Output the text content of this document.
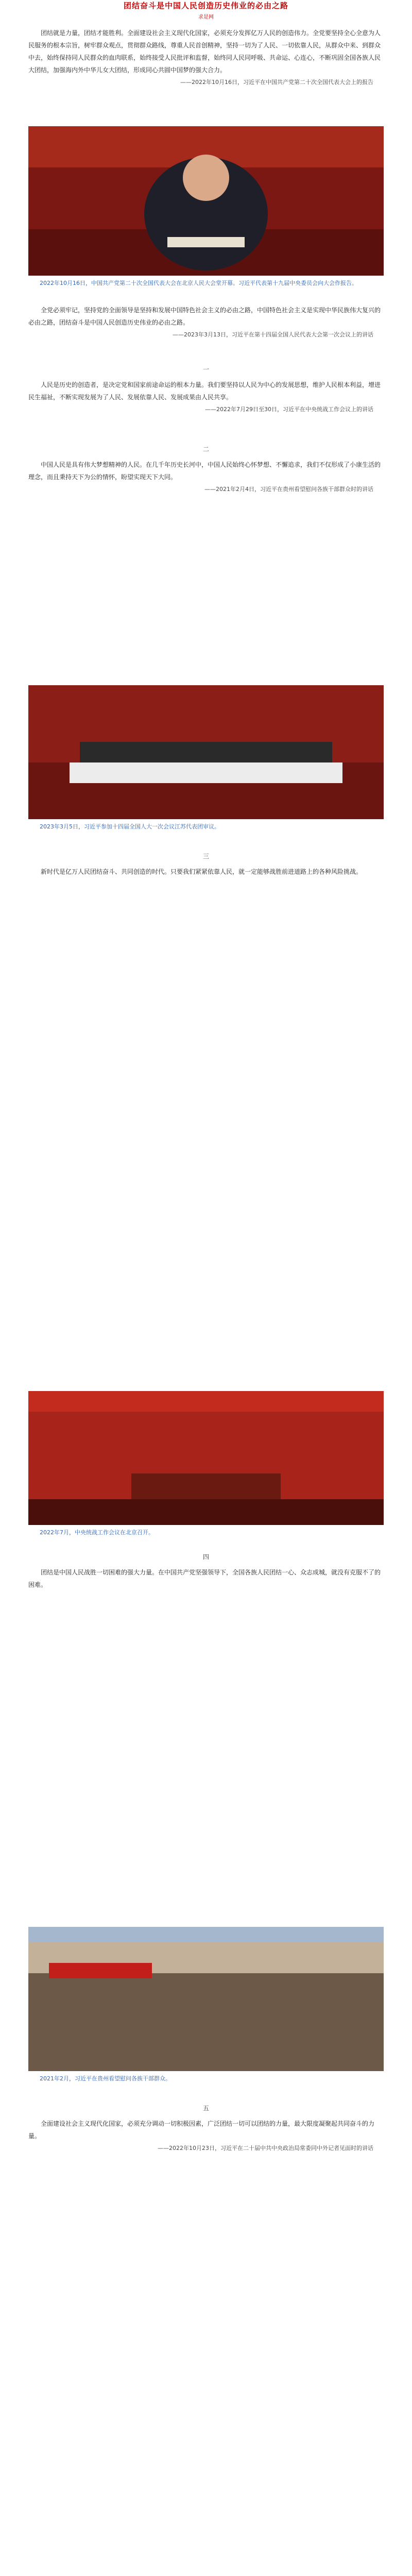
团结奋斗是中国人民创造历史伟业的必由之路
求是网

团结就是力量，团结才能胜利。全面建设社会主义现代化国家，必须充分发挥亿万人民的创造伟力。全党要坚持全心全意为人民服务的根本宗旨，树牢群众观点，贯彻群众路线，尊重人民首创精神，坚持一切为了人民、一切依靠人民，从群众中来、到群众中去，始终保持同人民群众的血肉联系，始终接受人民批评和监督，始终同人民同呼吸、共命运、心连心，不断巩固全国各族人民大团结，加强海内外中华儿女大团结，形成同心共圆中国梦的强大合力。

——2022年10月16日，习近平在中国共产党第二十次全国代表大会上的报告
2022年10月16日，中国共产党第二十次全国代表大会在北京人民大会堂开幕。习近平代表第十九届中央委员会向大会作报告。

全党必须牢记，坚持党的全面领导是坚持和发展中国特色社会主义的必由之路，中国特色社会主义是实现中华民族伟大复兴的必由之路，团结奋斗是中国人民创造历史伟业的必由之路。

——2023年3月13日，习近平在第十四届全国人民代表大会第一次会议上的讲话
一

人民是历史的创造者，是决定党和国家前途命运的根本力量。我们要坚持以人民为中心的发展思想，维护人民根本利益，增进民生福祉，不断实现发展为了人民、发展依靠人民、发展成果由人民共享。

——2022年7月29日至30日，习近平在中央统战工作会议上的讲话
二

中国人民是具有伟大梦想精神的人民。在几千年历史长河中，中国人民始终心怀梦想、不懈追求，我们不仅形成了小康生活的理念，而且秉持天下为公的情怀，盼望实现天下大同。

——2021年2月4日，习近平在贵州看望慰问各族干部群众时的讲话
2023年3月5日，习近平参加十四届全国人大一次会议江苏代表团审议。
三

新时代是亿万人民团结奋斗、共同创造的时代。只要我们紧紧依靠人民，就一定能够战胜前进道路上的各种风险挑战。

2022年7月，中央统战工作会议在北京召开。
四

团结是中国人民战胜一切困难的强大力量。在中国共产党坚强领导下，全国各族人民团结一心、众志成城，就没有克服不了的困难。

2021年2月，习近平在贵州看望慰问各族干部群众。
五

全面建设社会主义现代化国家，必须充分调动一切积极因素，广泛团结一切可以团结的力量，最大限度凝聚起共同奋斗的力量。

——2022年10月23日，习近平在二十届中共中央政治局常委同中外记者见面时的讲话
